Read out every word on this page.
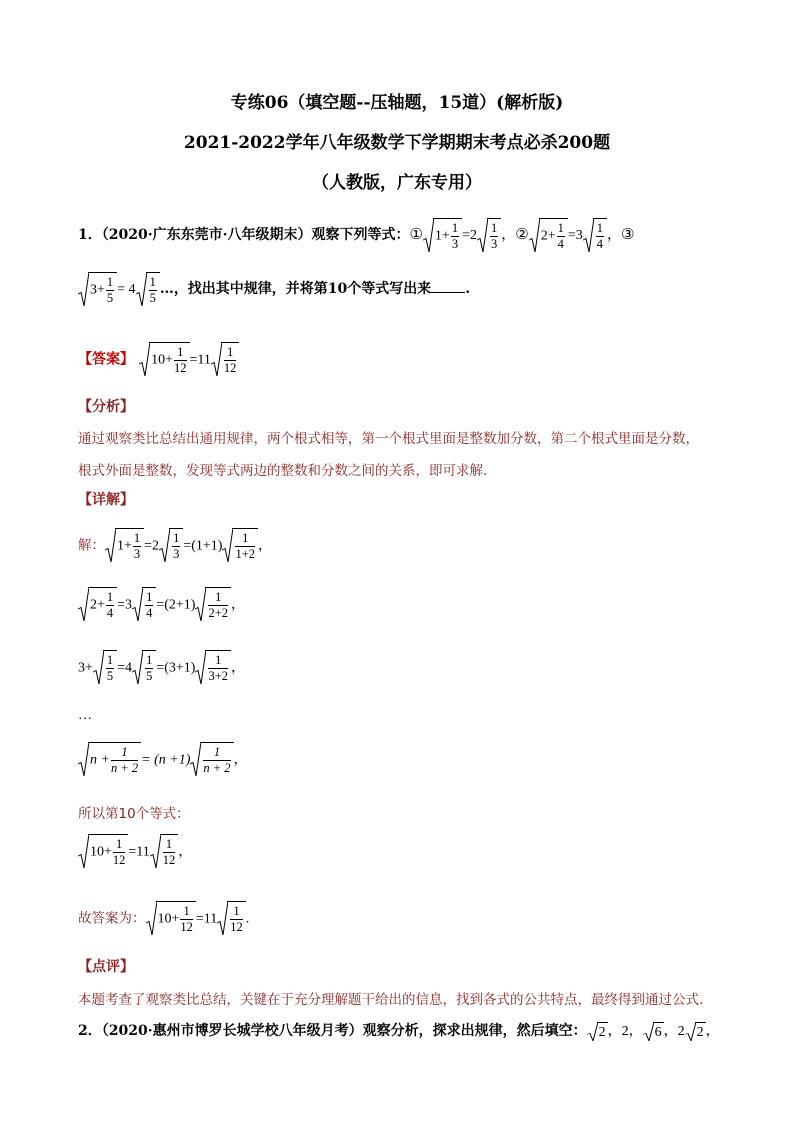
专练06（填空题--压轴题，15道）(解析版)
2021-2022学年八年级数学下学期期末考点必杀200题
（人教版，广东专用）
1．（2020·广东东莞市·八年级期末）观察下列等式：① $1+ \frac{1}{3} =2 \frac{1}{3}$ ，② $2+ \frac{1}{4} =3 \frac{1}{4}$ ，③
$3+ \frac{1}{5} = 4 \frac{1}{5}$ …，找出其中规律，并将第10个等式写出来 .
【答案】 $10+ \frac{1}{12} =11 \frac{1}{12}$
【分析】
通过观察类比总结出通用规律，两个根式相等，第一个根式里面是整数加分数，第二个根式里面是分数，
根式外面是整数，发现等式两边的整数和分数之间的关系，即可求解.
【详解】
解： $1+ \frac{1}{3} =2 \frac{1}{3} =(1+1) \frac{1}{1+2}$ ，
$2+ \frac{1}{4} =3 \frac{1}{4} =(2+1) \frac{1}{2+2}$ ，
$3+ \frac{1}{5} =4 \frac{1}{5} =(3+1) \frac{1}{3+2}$ ，
…
$n + \frac{1}{n + 2} = (n +1) \frac{1}{n + 2}$ ，
所以第10个等式：
$10+ \frac{1}{12} =11 \frac{1}{12}$ ，
故答案为： $10+ \frac{1}{12} =11 \frac{1}{12}$ .
【点评】
本题考查了观察类比总结，关键在于充分理解题干给出的信息，找到各式的公共特点，最终得到通过公式.
2．（2020·惠州市博罗长城学校八年级月考）观察分析，探求出规律，然后填空： 2 ，2， 6 ，2 2 ，
